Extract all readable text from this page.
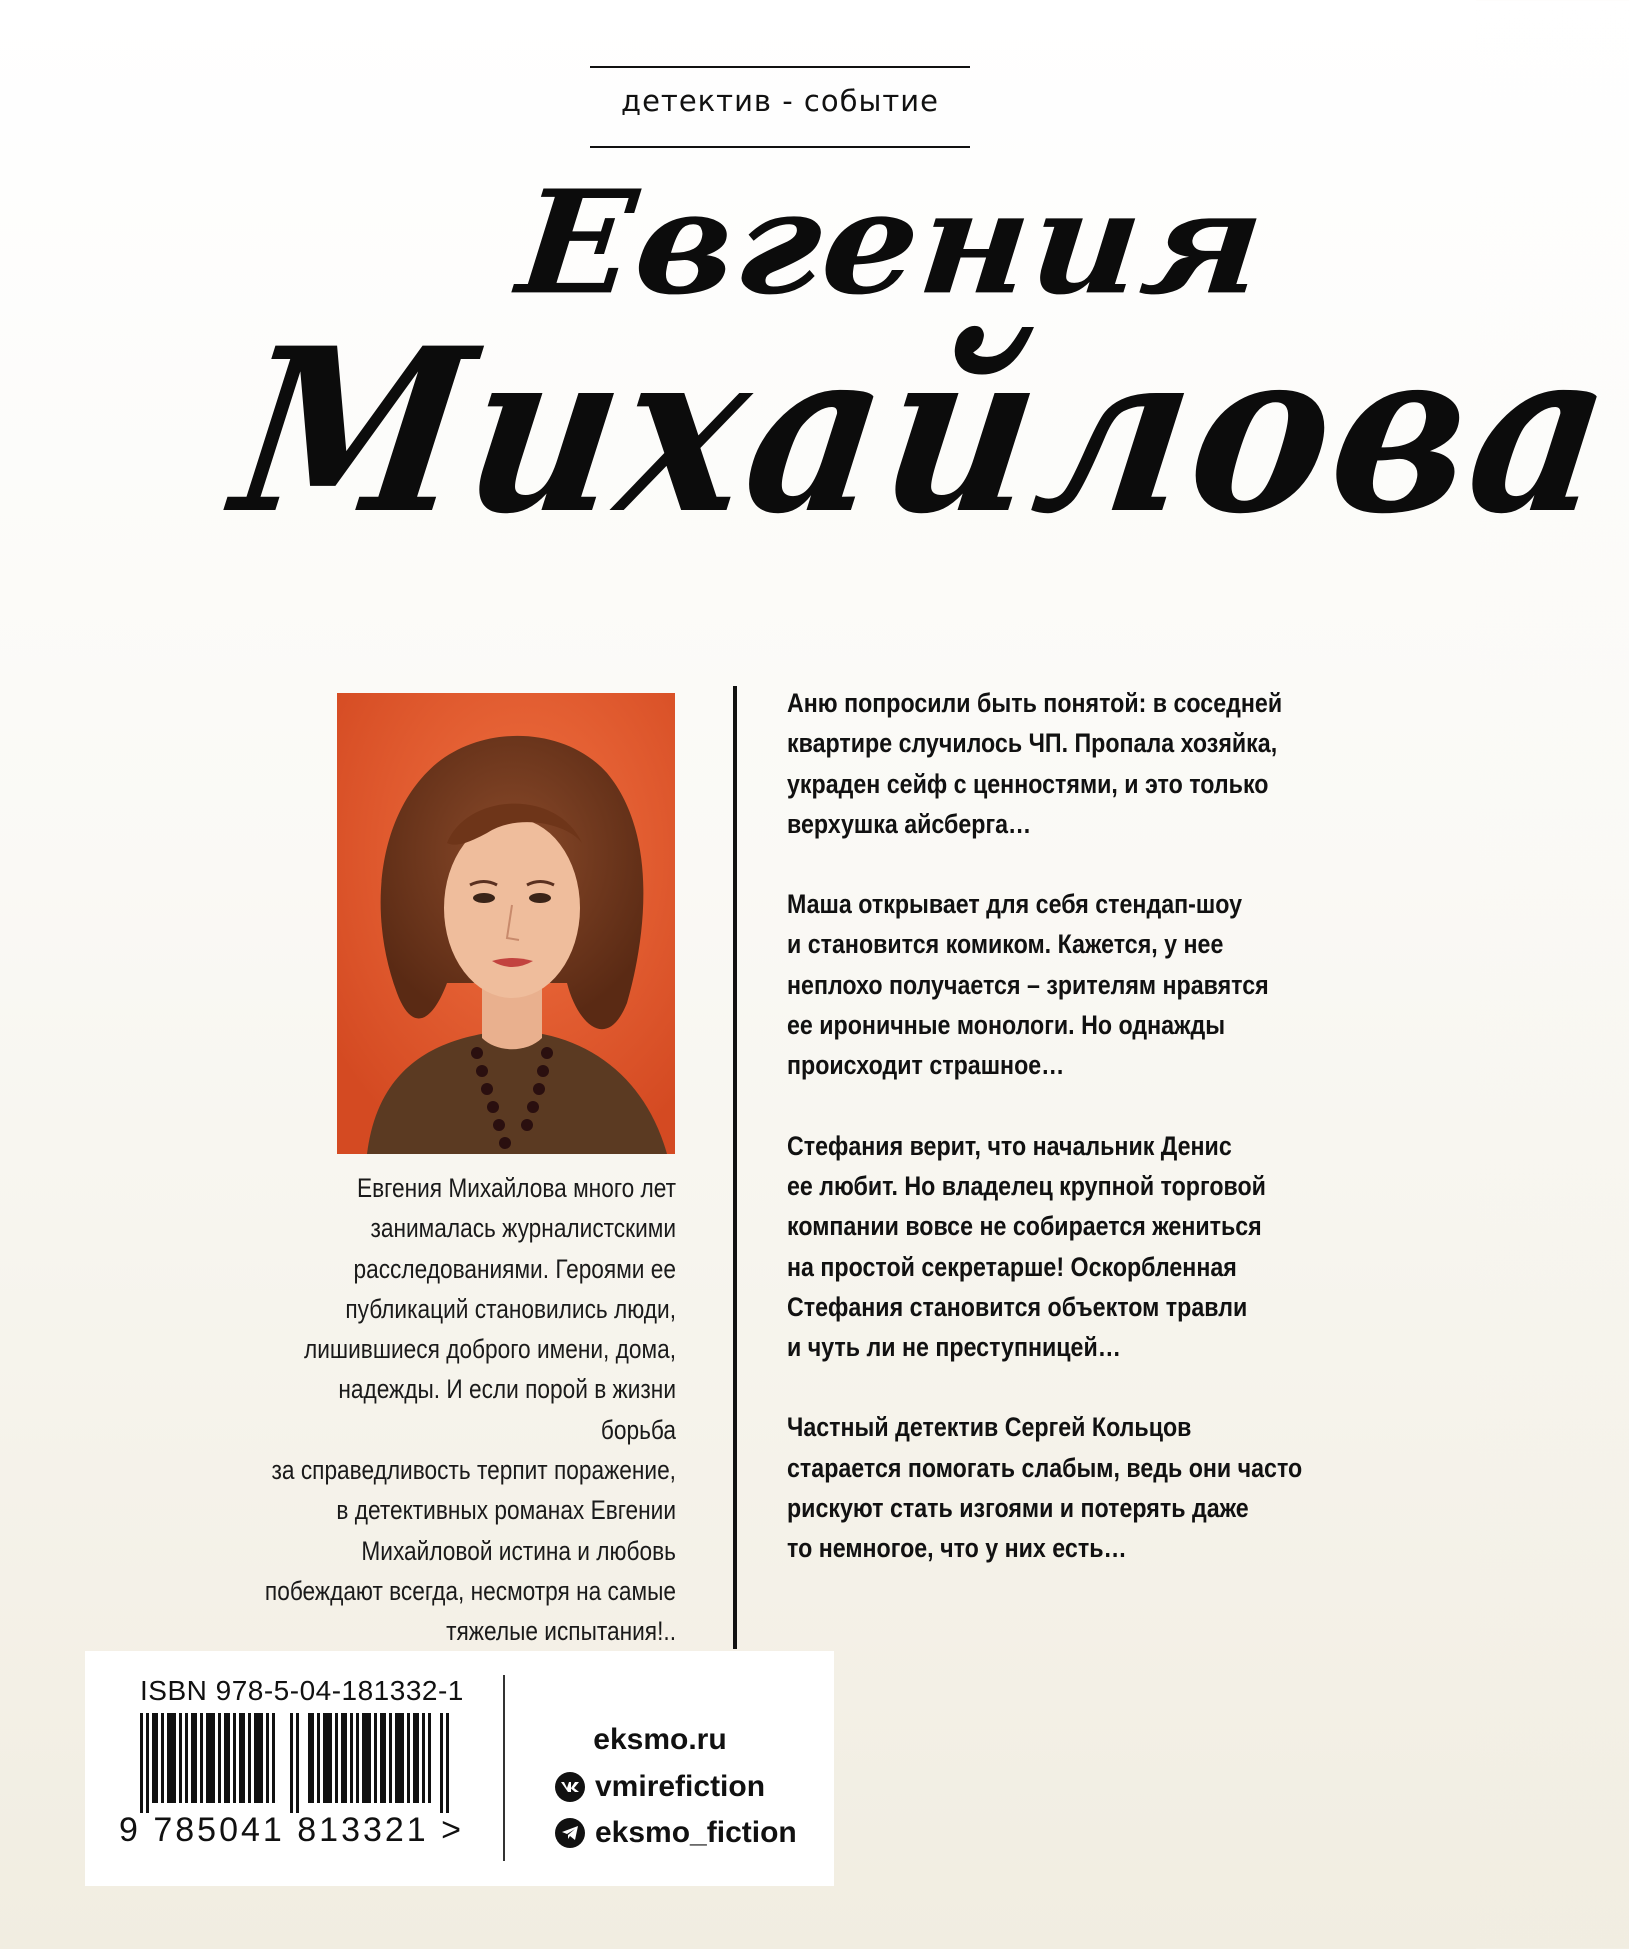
детектив - событие
Евгения
Михайлова
Евгения Михайлова много лет
занималась журналистскими
расследованиями. Героями ее
публикаций становились люди,
лишившиеся доброго имени, дома,
надежды. И если порой в жизни борьба
за справедливость терпит поражение,
в детективных романах Евгении
Михайловой истина и любовь
побеждают всегда, несмотря на самые
тяжелые испытания!..

Аню попросили быть понятой: в соседней
квартире случилось ЧП. Пропала хозяйка,
украден сейф с ценностями, и это только
верхушка айсберга…

Маша открывает для себя стендап-шоу
и становится комиком. Кажется, у нее
неплохо получается – зрителям нравятся
ее ироничные монологи. Но однажды
происходит страшное…

Стефания верит, что начальник Денис
ее любит. Но владелец крупной торговой
компании вовсе не собирается жениться
на простой секретарше! Оскорбленная
Стефания становится объектом травли
и чуть ли не преступницей…

Частный детектив Сергей Кольцов
старается помогать слабым, ведь они часто
рискуют стать изгоями и потерять даже
то немногое, что у них есть…

ISBN 978-5-04-181332-1
9 785041 813321 >
eksmo.ru
vmirefiction
eksmo_fiction
